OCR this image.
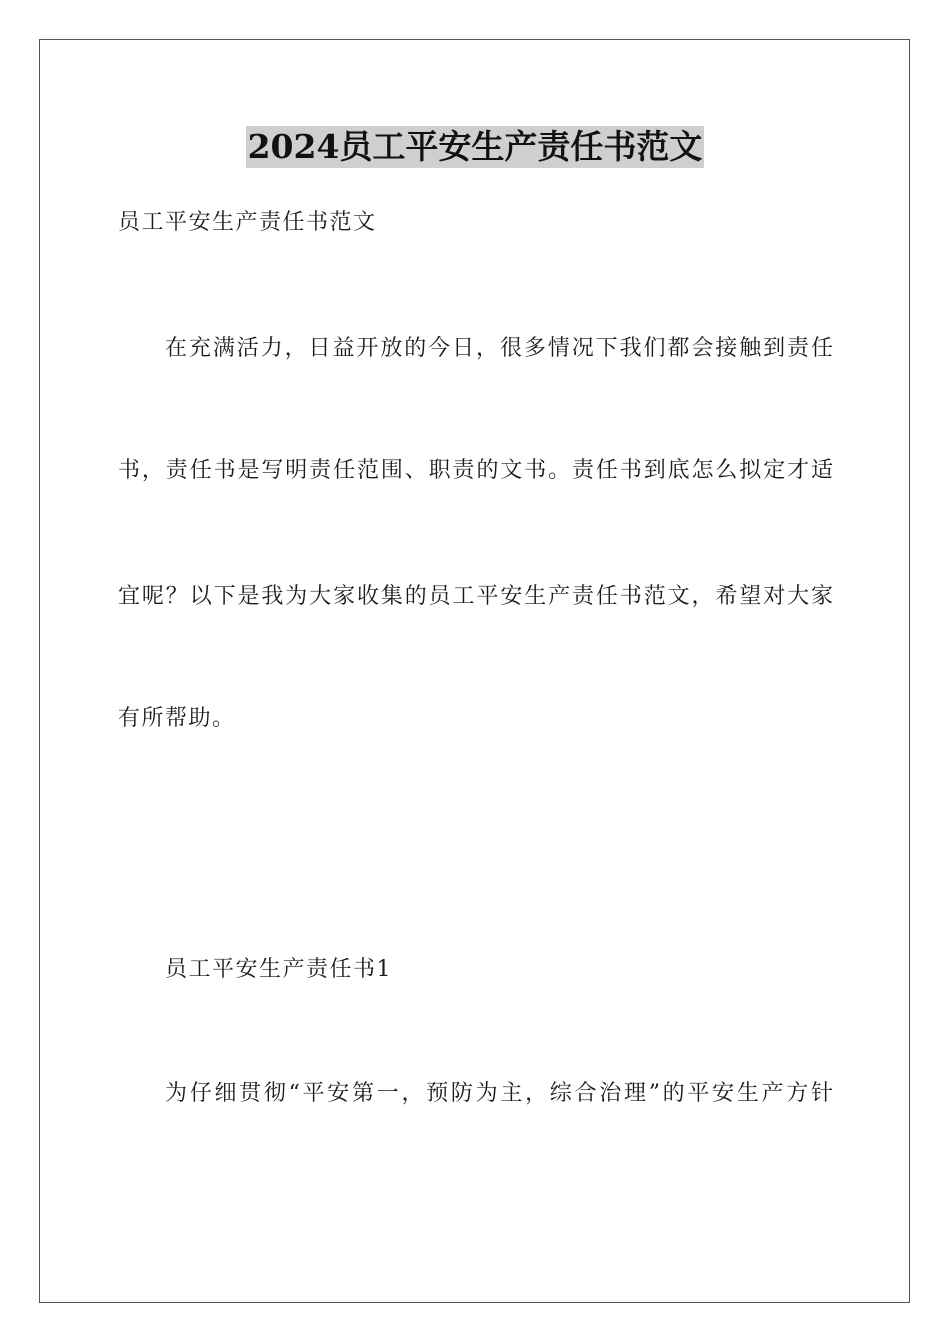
2024员工平安生产责任书范文
员工平安生产责任书范文
在充满活力，日益开放的今日，很多情况下我们都会接触到责任
书，责任书是写明责任范围、职责的文书。责任书到底怎么拟定才适
宜呢？以下是我为大家收集的员工平安生产责任书范文，希望对大家
有所帮助。
员工平安生产责任书1
为仔细贯彻“平安第一，预防为主，综合治理”的平安生产方针
